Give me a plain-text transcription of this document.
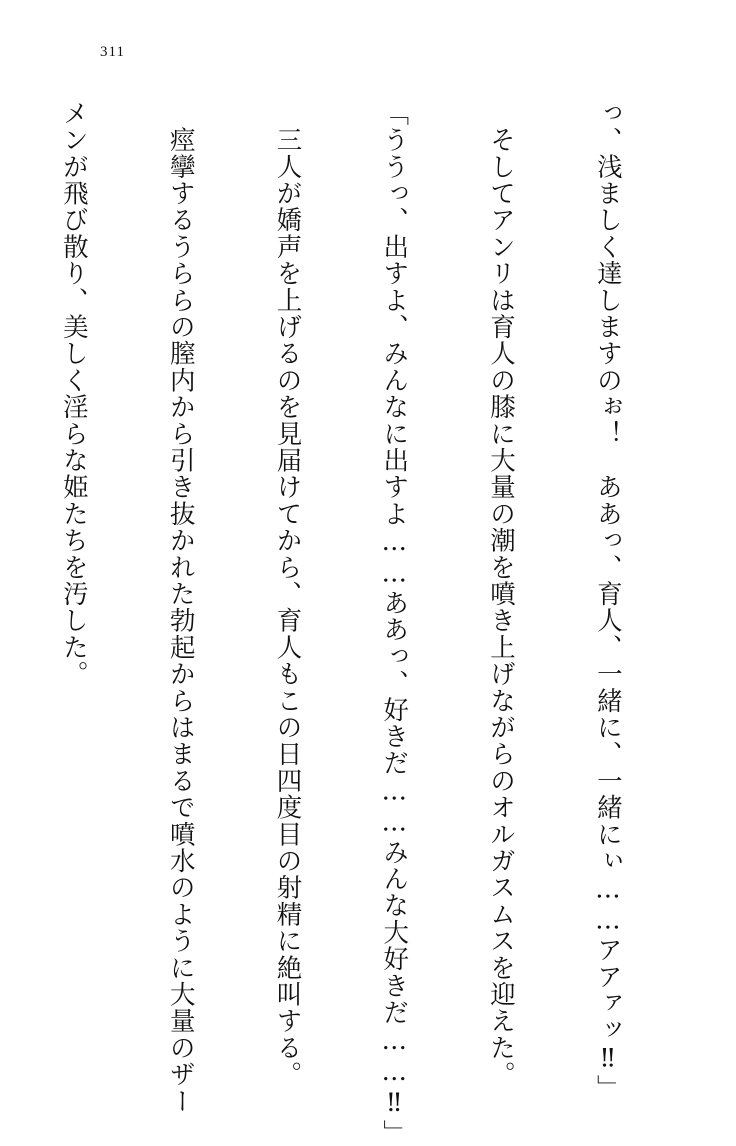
311

っ、浅ましく達しますのぉ！　ああっ、育人、一緒に、一緒にぃ……アアァッ‼」

　そしてアンリは育人の膝に大量の潮を噴き上げながらのオルガスムスを迎えた。

「ううっ、出すよ、みんなに出すよ……ああっ、好きだ……みんな大好きだ……‼」

　三人が嬌声を上げるのを見届けてから、育人もこの日四度目の射精に絶叫する。

　痙攣するうららの膣内から引き抜かれた勃起からはまるで噴水のように大量のザー

メンが飛び散り、美しく淫らな姫たちを汚した。
